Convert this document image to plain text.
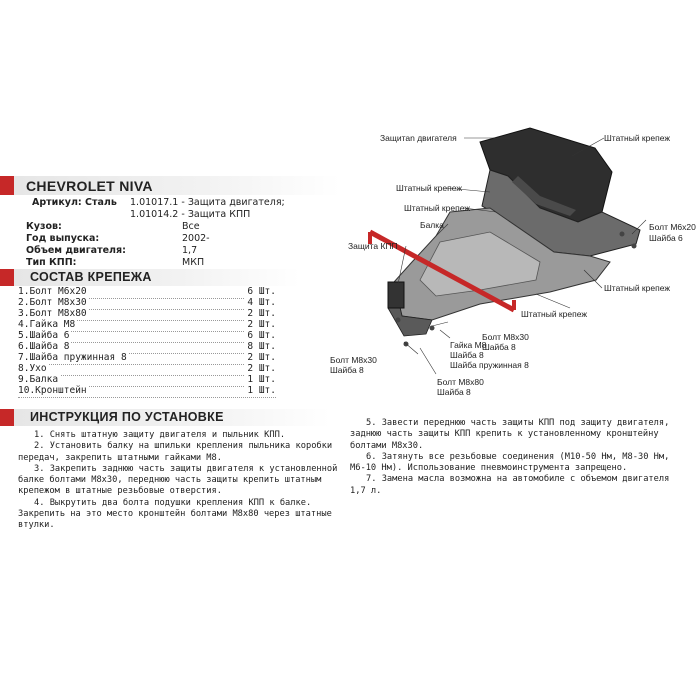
CHEVROLET NIVA
Артикул: Сталь 1.01017.1 - Защита двигателя;
1.01014.2 - Защита КПП
Кузов:	Все
Год выпуска:	2002-
Объем двигателя:	1,7
Тип КПП:	МКП
СОСТАВ КРЕПЕЖА
1.Болт М6х20	6 Шт.
2.Болт М8х30	4 Шт.
3.Болт М8х80	2 Шт.
4.Гайка М8	2 Шт.
5.Шайба 6	6 Шт.
6.Шайба 8	8 Шт.
7.Шайба пружинная 8	2 Шт.
8.Ухо	2 Шт.
9.Балка	1 Шт.
10.Кронштейн	1 Шт.
ИНСТРУКЦИЯ ПО УСТАНОВКЕ

1. Снять штатную защиту двигателя и пыльник КПП.

2. Установить балку на шпильки крепления пыльника коробки передач, закрепить штатными гайками М8.

3. Закрепить заднюю часть защиты двигателя к установленной балке болтами М8х30, переднюю часть защиты крепить штатным крепежом в штатные резьбовые отверстия.

4. Выкрутить два болта подушки крепления КПП к балке. Закрепить на это место кронштейн болтами М8х80 через штатные втулки.

5. Завести переднюю часть защиты КПП под защиту двигателя, заднюю часть защиты КПП крепить к установленному кронштейну болтами М8х30.

6. Затянуть все резьбовые соединения (М10-50 Нм, М8-30 Нм, М6-10 Нм). Использование пневмоинструмента запрещено.

7. Замена масла возможна на автомобиле с объемом двигателя 1,7 л.

Защитаn двигателя	Штатный крепеж
Штатный крепеж
Штатный крепеж
Балка
Защита КПП
Болт М6х20
Шайба 6
Штатный крепеж
Штатный крепеж
Гайка М8
Шайба 8
Шайба пружинная 8
Болт М8х30
Шайба 8
Болт М8х30
Шайба 8
Болт М8х80
Шайба 8
